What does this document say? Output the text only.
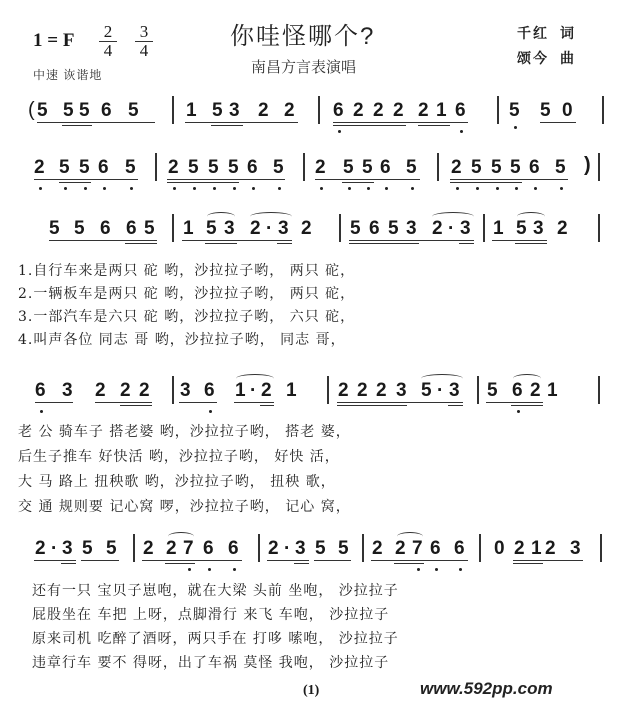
1 = F $\frac{2}{4} \frac{3}{4}$
中速 诙谐地
你哇怪哪个?
南昌方言表演唱
千红 词
颂今 曲
( 5 5 5 6 5 1 5 3 2 2 6 2 2 2 2 1 6 5 5 0
2 5 5 6 5 2 5 5 5 6 5 2 5 5 6 5 2 5 5 5 6 5 )
5 5 6 6 5 1 5 3 2 · 3 2 5 6 5 3 2 · 3 1 5 3 2
1.自行车来是两只 砣 哟，沙拉拉子哟， 两只 砣，
2.一辆板车是两只 砣 哟，沙拉拉子哟， 两只 砣，
3.一部汽车是六只 砣 哟，沙拉拉子哟， 六只 砣，
4.叫声各位 同志 哥 哟，沙拉拉子哟， 同志 哥，
6 3 2 2 2 3 6 1 · 2 1 2 2 2 3 5 · 3 5 6 2 1
老 公 骑车子 搭老婆 哟，沙拉拉子哟， 搭老 婆，
后生子推车 好快活 哟，沙拉拉子哟， 好快 活，
大 马 路上 扭秧歌 哟，沙拉拉子哟， 扭秧 歌，
交 通 规则要 记心窝 啰，沙拉拉子哟， 记心 窝，
2 · 3 5 5 2 2 7 6 6 2 · 3 5 5 2 2 7 6 6 0 2 1 2 3
还有一只 宝贝子崽咆，就在大梁 头前 坐咆， 沙拉拉子
屁股坐在 车把 上呀，点脚滑行 来飞 车咆， 沙拉拉子
原来司机 吃醉了酒呀，两只手在 打哆 嗦咆， 沙拉拉子
违章行车 要不 得呀，出了车祸 莫怪 我咆， 沙拉拉子
(1)	www.592pp.com
